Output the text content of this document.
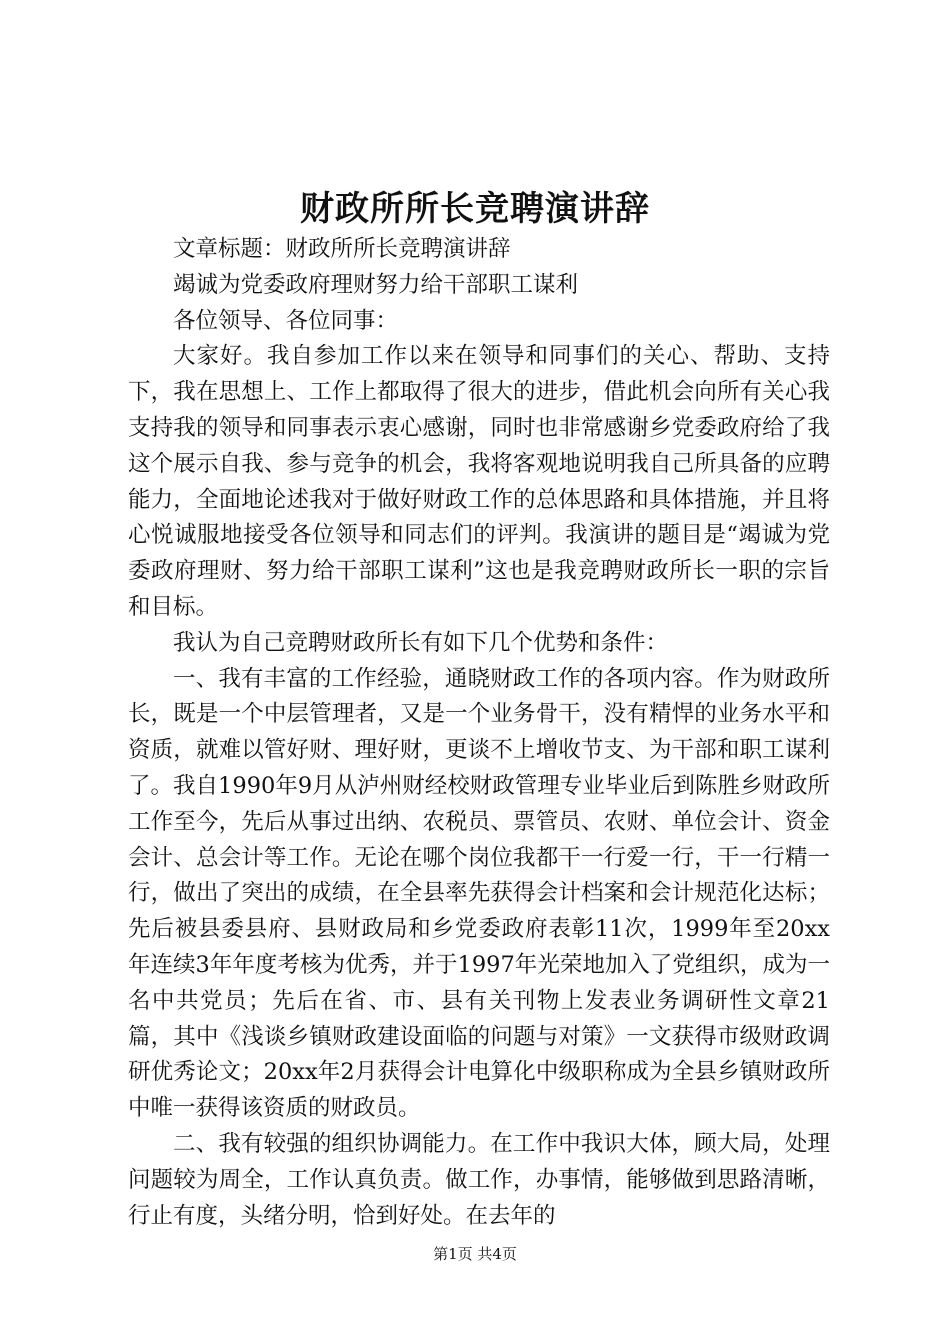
财政所所长竞聘演讲辞

文章标题：财政所所长竞聘演讲辞

竭诚为党委政府理财努力给干部职工谋利

各位领导、各位同事：

大家好。我自参加工作以来在领导和同事们的关心、帮助、支持下，我在思想上、工作上都取得了很大的进步，借此机会向所有关心我支持我的领导和同事表示衷心感谢，同时也非常感谢乡党委政府给了我这个展示自我、参与竞争的机会，我将客观地说明我自己所具备的应聘能力，全面地论述我对于做好财政工作的总体思路和具体措施，并且将心悦诚服地接受各位领导和同志们的评判。我演讲的题目是“竭诚为党委政府理财、努力给干部职工谋利”这也是我竞聘财政所长一职的宗旨和目标。

我认为自己竞聘财政所长有如下几个优势和条件：

一、我有丰富的工作经验，通晓财政工作的各项内容。作为财政所长，既是一个中层管理者，又是一个业务骨干，没有精悍的业务水平和资质，就难以管好财、理好财，更谈不上增收节支、为干部和职工谋利了。我自1990年9月从泸州财经校财政管理专业毕业后到陈胜乡财政所工作至今，先后从事过出纳、农税员、票管员、农财、单位会计、资金会计、总会计等工作。无论在哪个岗位我都干一行爱一行，干一行精一行，做出了突出的成绩，在全县率先获得会计档案和会计规范化达标；先后被县委县府、县财政局和乡党委政府表彰11次，1999年至20xx年连续3年年度考核为优秀，并于1997年光荣地加入了党组织，成为一名中共党员；先后在省、市、县有关刊物上发表业务调研性文章21篇，其中《浅谈乡镇财政建设面临的问题与对策》一文获得市级财政调研优秀论文；20xx年2月获得会计电算化中级职称成为全县乡镇财政所中唯一获得该资质的财政员。

二、我有较强的组织协调能力。在工作中我识大体，顾大局，处理问题较为周全，工作认真负责。做工作，办事情，能够做到思路清晰，行止有度，头绪分明，恰到好处。在去年的

第1页 共4页
